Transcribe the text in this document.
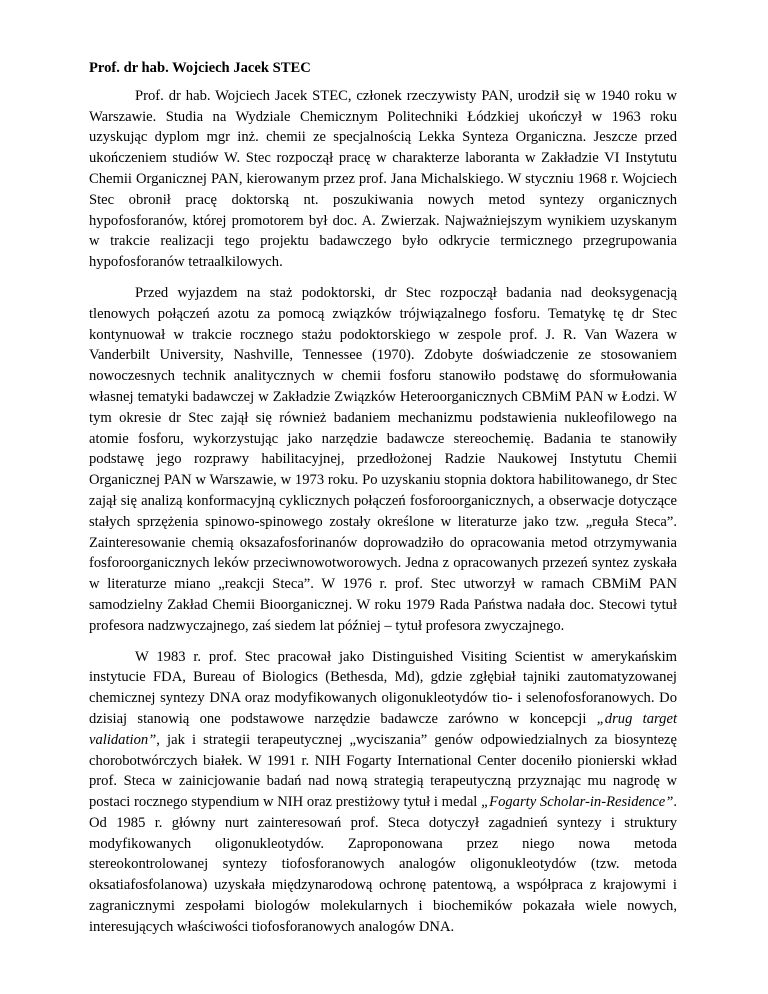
Prof. dr hab. Wojciech Jacek STEC

Prof. dr hab. Wojciech Jacek STEC, członek rzeczywisty PAN, urodził się w 1940 roku w Warszawie. Studia na Wydziale Chemicznym Politechniki Łódzkiej ukończył w 1963 roku uzyskując dyplom mgr inż. chemii ze specjalnością Lekka Synteza Organiczna. Jeszcze przed ukończeniem studiów W. Stec rozpoczął pracę w charakterze laboranta w Zakładzie VI Instytutu Chemii Organicznej PAN, kierowanym przez prof. Jana Michalskiego. W styczniu 1968 r. Wojciech Stec obronił pracę doktorską nt. poszukiwania nowych metod syntezy organicznych hypofosforanów, której promotorem był doc. A. Zwierzak. Najważniejszym wynikiem uzyskanym w trakcie realizacji tego projektu badawczego było odkrycie termicznego przegrupowania hypofosforanów tetraalkilowych.

Przed wyjazdem na staż podoktorski, dr Stec rozpoczął badania nad deoksygenacją tlenowych połączeń azotu za pomocą związków trójwiązalnego fosforu. Tematykę tę dr Stec kontynuował w trakcie rocznego stażu podoktorskiego w zespole prof. J. R. Van Wazera w Vanderbilt University, Nashville, Tennessee (1970). Zdobyte doświadczenie ze stosowaniem nowoczesnych technik analitycznych w chemii fosforu stanowiło podstawę do sformułowania własnej tematyki badawczej w Zakładzie Związków Heteroorganicznych CBMiM PAN w Łodzi. W tym okresie dr Stec zajął się również badaniem mechanizmu podstawienia nukleofilowego na atomie fosforu, wykorzystując jako narzędzie badawcze stereochemię. Badania te stanowiły podstawę jego rozprawy habilitacyjnej, przedłożonej Radzie Naukowej Instytutu Chemii Organicznej PAN w Warszawie, w 1973 roku. Po uzyskaniu stopnia doktora habilitowanego, dr Stec zajął się analizą konformacyjną cyklicznych połączeń fosforoorganicznych, a obserwacje dotyczące stałych sprzężenia spinowo-spinowego zostały określone w literaturze jako tzw. „reguła Steca”. Zainteresowanie chemią oksazafosforinanów doprowadziło do opracowania metod otrzymywania fosforoorganicznych leków przeciwnowotworowych. Jedna z opracowanych przezeń syntez zyskała w literaturze miano „reakcji Steca”. W 1976 r. prof. Stec utworzył w ramach CBMiM PAN samodzielny Zakład Chemii Bioorganicznej. W roku 1979 Rada Państwa nadała doc. Stecowi tytuł profesora nadzwyczajnego, zaś siedem lat później – tytuł profesora zwyczajnego.

W 1983 r. prof. Stec pracował jako Distinguished Visiting Scientist w amerykańskim instytucie FDA, Bureau of Biologics (Bethesda, Md), gdzie zgłębiał tajniki zautomatyzowanej chemicznej syntezy DNA oraz modyfikowanych oligonukleotydów tio- i selenofosforanowych. Do dzisiaj stanowią one podstawowe narzędzie badawcze zarówno w koncepcji „drug target validation”, jak i strategii terapeutycznej „wyciszania” genów odpowiedzialnych za biosyntezę chorobotwórczych białek. W 1991 r. NIH Fogarty International Center doceniło pionierski wkład prof. Steca w zainicjowanie badań nad nową strategią terapeutyczną przyznając mu nagrodę w postaci rocznego stypendium w NIH oraz prestiżowy tytuł i medal „Fogarty Scholar-in-Residence”. Od 1985 r. główny nurt zainteresowań prof. Steca dotyczył zagadnień syntezy i struktury modyfikowanych oligonukleotydów. Zaproponowana przez niego nowa metoda stereokontrolowanej syntezy tiofosforanowych analogów oligonukleotydów (tzw. metoda oksatiafosfolanowa) uzyskała międzynarodową ochronę patentową, a współpraca z krajowymi i zagranicznymi zespołami biologów molekularnych i biochemików pokazała wiele nowych, interesujących właściwości tiofosforanowych analogów DNA.
